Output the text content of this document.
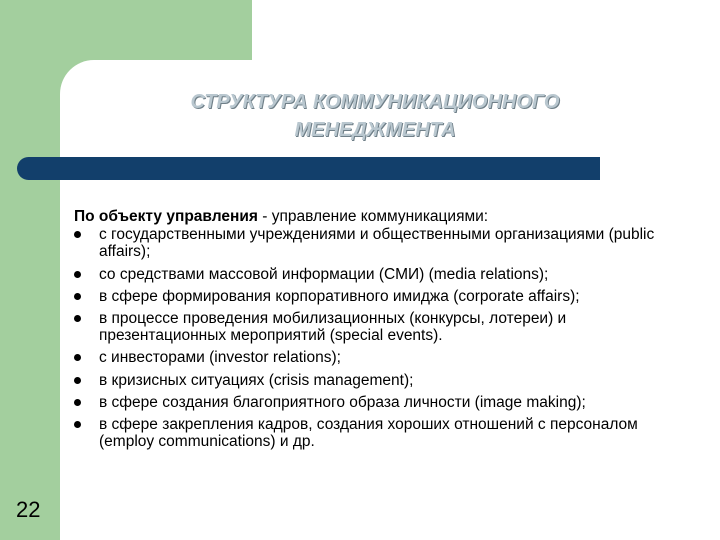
СТРУКТУРА КОММУНИКАЦИОННОГО
МЕНЕДЖМЕНТА

По объекту управления - управление коммуникациями:

с государственными учреждениями и общественными организациями (public affairs);
со средствами массовой информации (СМИ) (media relations);
в сфере формирования корпоративного имиджа (corporate affairs);
в процессе проведения мобилизационных (конкурсы, лотереи) и презентационных мероприятий (special events).
с инвесторами (investor relations);
в кризисных ситуациях (crisis management);
в сфере создания благоприятного образа личности (image making);
в сфере закрепления кадров, создания хороших отношений с персоналом (employ communications) и др.
22
